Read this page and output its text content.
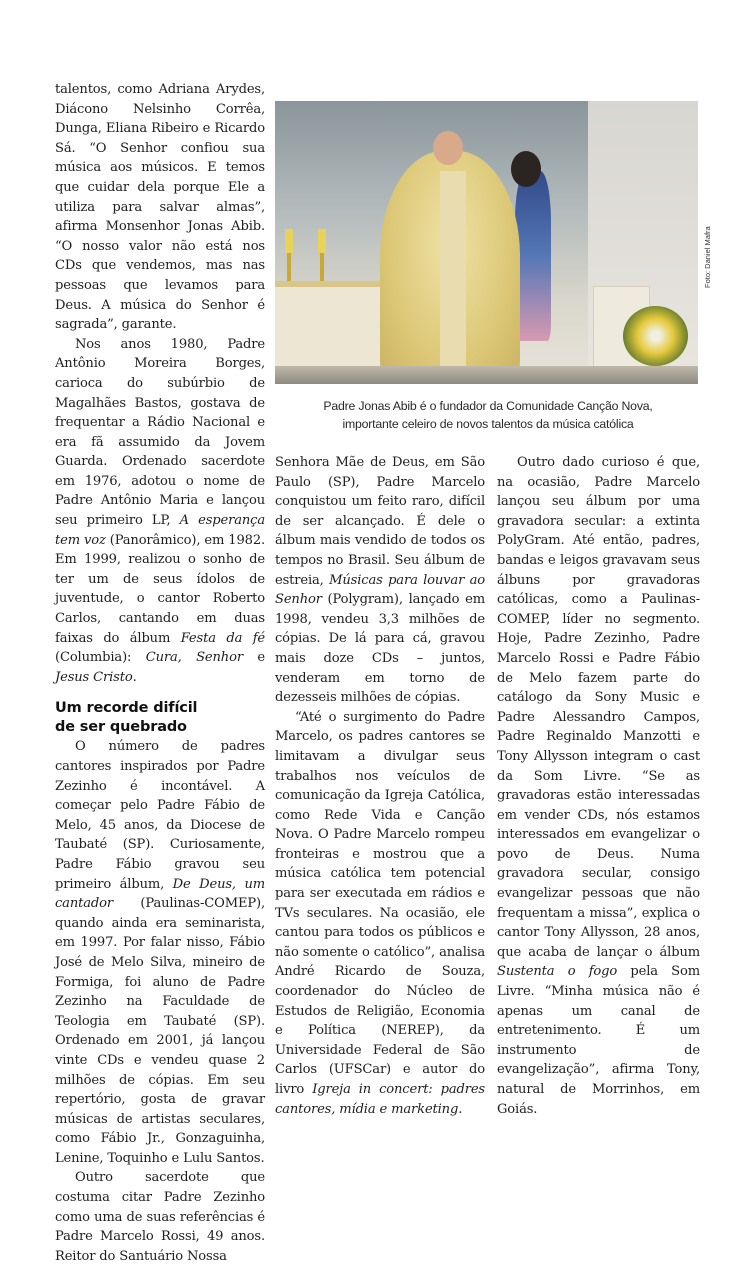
talentos, como Adriana Arydes, Diácono Nelsinho Corrêa, Dunga, Eliana Ribeiro e Ricardo Sá. “O Senhor confiou sua música aos músicos. E temos que cuidar dela porque Ele a utiliza para salvar almas”, afirma Monsenhor Jonas Abib. “O nosso valor não está nos CDs que vendemos, mas nas pessoas que levamos para Deus. A música do Senhor é sagrada”, garante.

Nos anos 1980, Padre Antônio Moreira Borges, carioca do subúrbio de Magalhães Bastos, gostava de frequentar a Rádio Nacional e era fã assumido da Jovem Guarda. Ordenado sacerdote em 1976, adotou o nome de Padre Antônio Maria e lançou seu primeiro LP, A esperança tem voz (Panorâmico), em 1982. Em 1999, realizou o sonho de ter um de seus ídolos de juventude, o cantor Roberto Carlos, cantando em duas faixas do álbum Festa da fé (Columbia): Cura, Senhor e Jesus Cristo.

Um recorde difícil
de ser quebrado

O número de padres cantores inspirados por Padre Zezinho é incontável. A começar pelo Padre Fábio de Melo, 45 anos, da Diocese de Taubaté (SP). Curiosamente, Padre Fábio gravou seu primeiro álbum, De Deus, um cantador (Paulinas-COMEP), quando ainda era seminarista, em 1997. Por falar nisso, Fábio José de Melo Silva, mineiro de Formiga, foi aluno de Padre Zezinho na Faculdade de Teologia em Taubaté (SP). Ordenado em 2001, já lançou vinte CDs e vendeu quase 2 milhões de cópias. Em seu repertório, gosta de gravar músicas de artistas seculares, como Fábio Jr., Gonzaguinha, Lenine, Toquinho e Lulu Santos.

Outro sacerdote que costuma citar Padre Zezinho como uma de suas referências é Padre Marcelo Rossi, 49 anos. Reitor do Santuário Nossa

Foto: Daniel Mafra
Padre Jonas Abib é o fundador da Comunidade Canção Nova,
importante celeiro de novos talentos da música católica

Senhora Mãe de Deus, em São Paulo (SP), Padre Marcelo conquistou um feito raro, difícil de ser alcançado. É dele o álbum mais vendido de todos os tempos no Brasil. Seu álbum de estreia, Músicas para louvar ao Senhor (Polygram), lançado em 1998, vendeu 3,3 milhões de cópias. De lá para cá, gravou mais doze CDs – juntos, venderam em torno de dezesseis milhões de cópias.

“Até o surgimento do Padre Marcelo, os padres cantores se limitavam a divulgar seus trabalhos nos veículos de comunicação da Igreja Católica, como Rede Vida e Canção Nova. O Padre Marcelo rompeu fronteiras e mostrou que a música católica tem potencial para ser executada em rádios e TVs seculares. Na ocasião, ele cantou para todos os públicos e não somente o católico”, analisa André Ricardo de Souza, coordenador do Núcleo de Estudos de Religião, Economia e Política (NEREP), da Universidade Federal de São Carlos (UFSCar) e autor do livro Igreja in concert: padres cantores, mídia e marketing.

Outro dado curioso é que, na ocasião, Padre Marcelo lançou seu álbum por uma gravadora secular: a extinta PolyGram. Até então, padres, bandas e leigos gravavam seus álbuns por gravadoras católicas, como a Paulinas-COMEP, líder no segmento. Hoje, Padre Zezinho, Padre Marcelo Rossi e Padre Fábio de Melo fazem parte do catálogo da Sony Music e Padre Alessandro Campos, Padre Reginaldo Manzotti e Tony Allysson integram o cast da Som Livre. “Se as gravadoras estão interessadas em vender CDs, nós estamos interessados em evangelizar o povo de Deus. Numa gravadora secular, consigo evangelizar pessoas que não frequentam a missa”, explica o cantor Tony Allysson, 28 anos, que acaba de lançar o álbum Sustenta o fogo pela Som Livre. “Minha música não é apenas um canal de entretenimento. É um instrumento de evangelização”, afirma Tony, natural de Morrinhos, em Goiás.
